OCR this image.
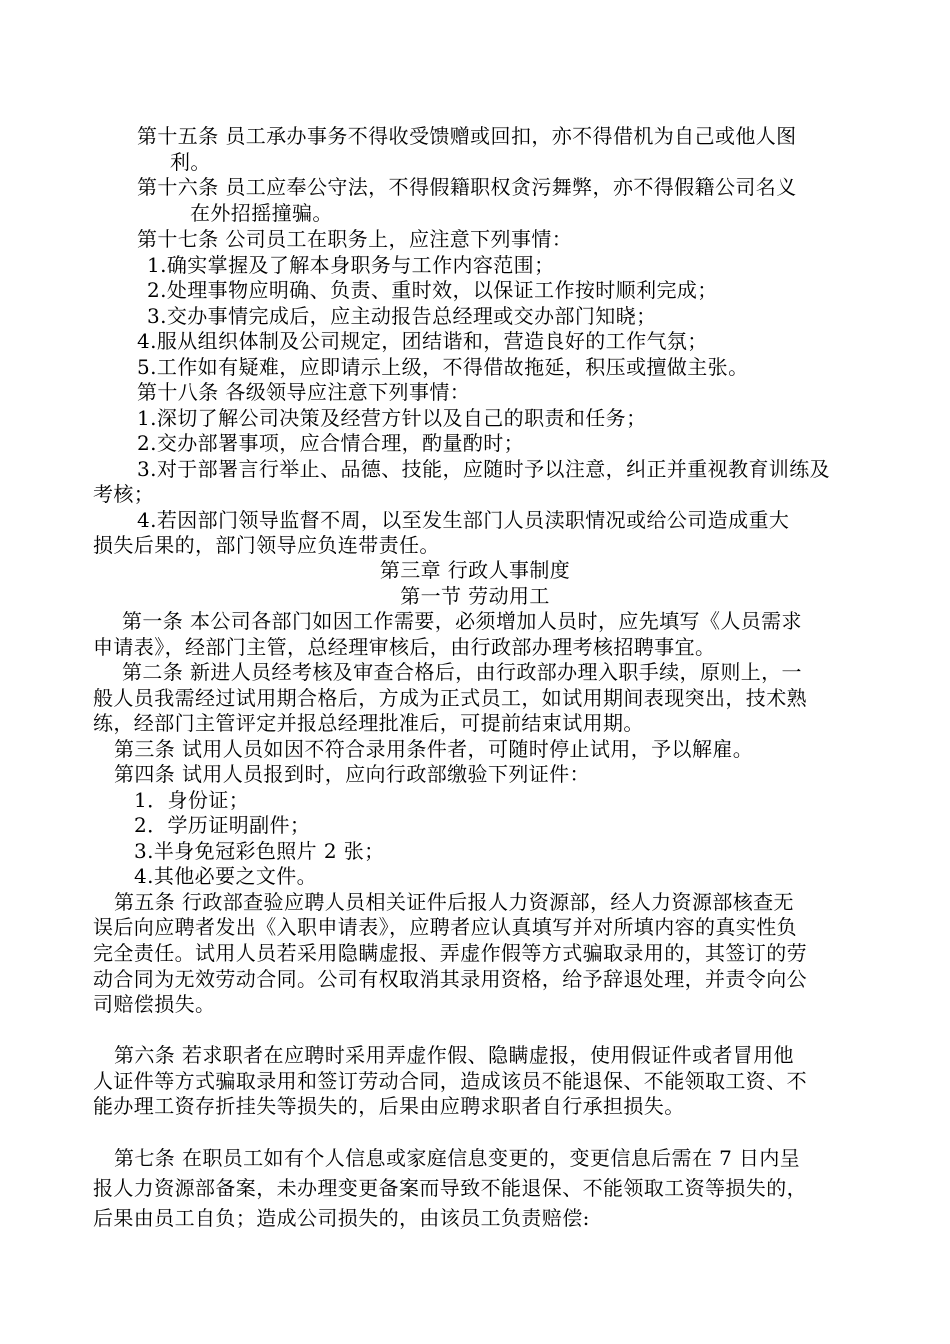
第十五条 员工承办事务不得收受馈赠或回扣，亦不得借机为自己或他人图
利。
第十六条 员工应奉公守法，不得假籍职权贪污舞弊，亦不得假籍公司名义
在外招摇撞骗。
第十七条 公司员工在职务上，应注意下列事情：
1.确实掌握及了解本身职务与工作内容范围；
2.处理事物应明确、负责、重时效，以保证工作按时顺利完成；
3.交办事情完成后，应主动报告总经理或交办部门知晓；
4.服从组织体制及公司规定，团结谐和，营造良好的工作气氛；
5.工作如有疑难，应即请示上级，不得借故拖延，积压或擅做主张。
第十八条 各级领导应注意下列事情：
1.深切了解公司决策及经营方针以及自己的职责和任务；
2.交办部署事项，应合情合理，酌量酌时；
3.对于部署言行举止、品德、技能，应随时予以注意，纠正并重视教育训练及
考核；
4.若因部门领导监督不周，以至发生部门人员渎职情况或给公司造成重大
损失后果的，部门领导应负连带责任。
第三章 行政人事制度
第一节 劳动用工
第一条 本公司各部门如因工作需要，必须增加人员时，应先填写《人员需求
申请表》，经部门主管，总经理审核后，由行政部办理考核招聘事宜。
第二条 新进人员经考核及审查合格后，由行政部办理入职手续，原则上，一
般人员我需经过试用期合格后，方成为正式员工，如试用期间表现突出，技术熟
练，经部门主管评定并报总经理批准后，可提前结束试用期。
第三条 试用人员如因不符合录用条件者，可随时停止试用，予以解雇。
第四条 试用人员报到时，应向行政部缴验下列证件：
1．身份证；
2．学历证明副件；
3.半身免冠彩色照片 2 张；
4.其他必要之文件。
第五条 行政部查验应聘人员相关证件后报人力资源部，经人力资源部核查无
误后向应聘者发出《入职申请表》，应聘者应认真填写并对所填内容的真实性负
完全责任。试用人员若采用隐瞒虚报、弄虚作假等方式骗取录用的，其签订的劳
动合同为无效劳动合同。公司有权取消其录用资格，给予辞退处理，并责令向公
司赔偿损失。
第六条 若求职者在应聘时采用弄虚作假、隐瞒虚报，使用假证件或者冒用他
人证件等方式骗取录用和签订劳动合同，造成该员不能退保、不能领取工资、不
能办理工资存折挂失等损失的，后果由应聘求职者自行承担损失。
第七条 在职员工如有个人信息或家庭信息变更的，变更信息后需在 7 日内呈
报人力资源部备案，未办理变更备案而导致不能退保、不能领取工资等损失的，
后果由员工自负；造成公司损失的，由该员工负责赔偿:
